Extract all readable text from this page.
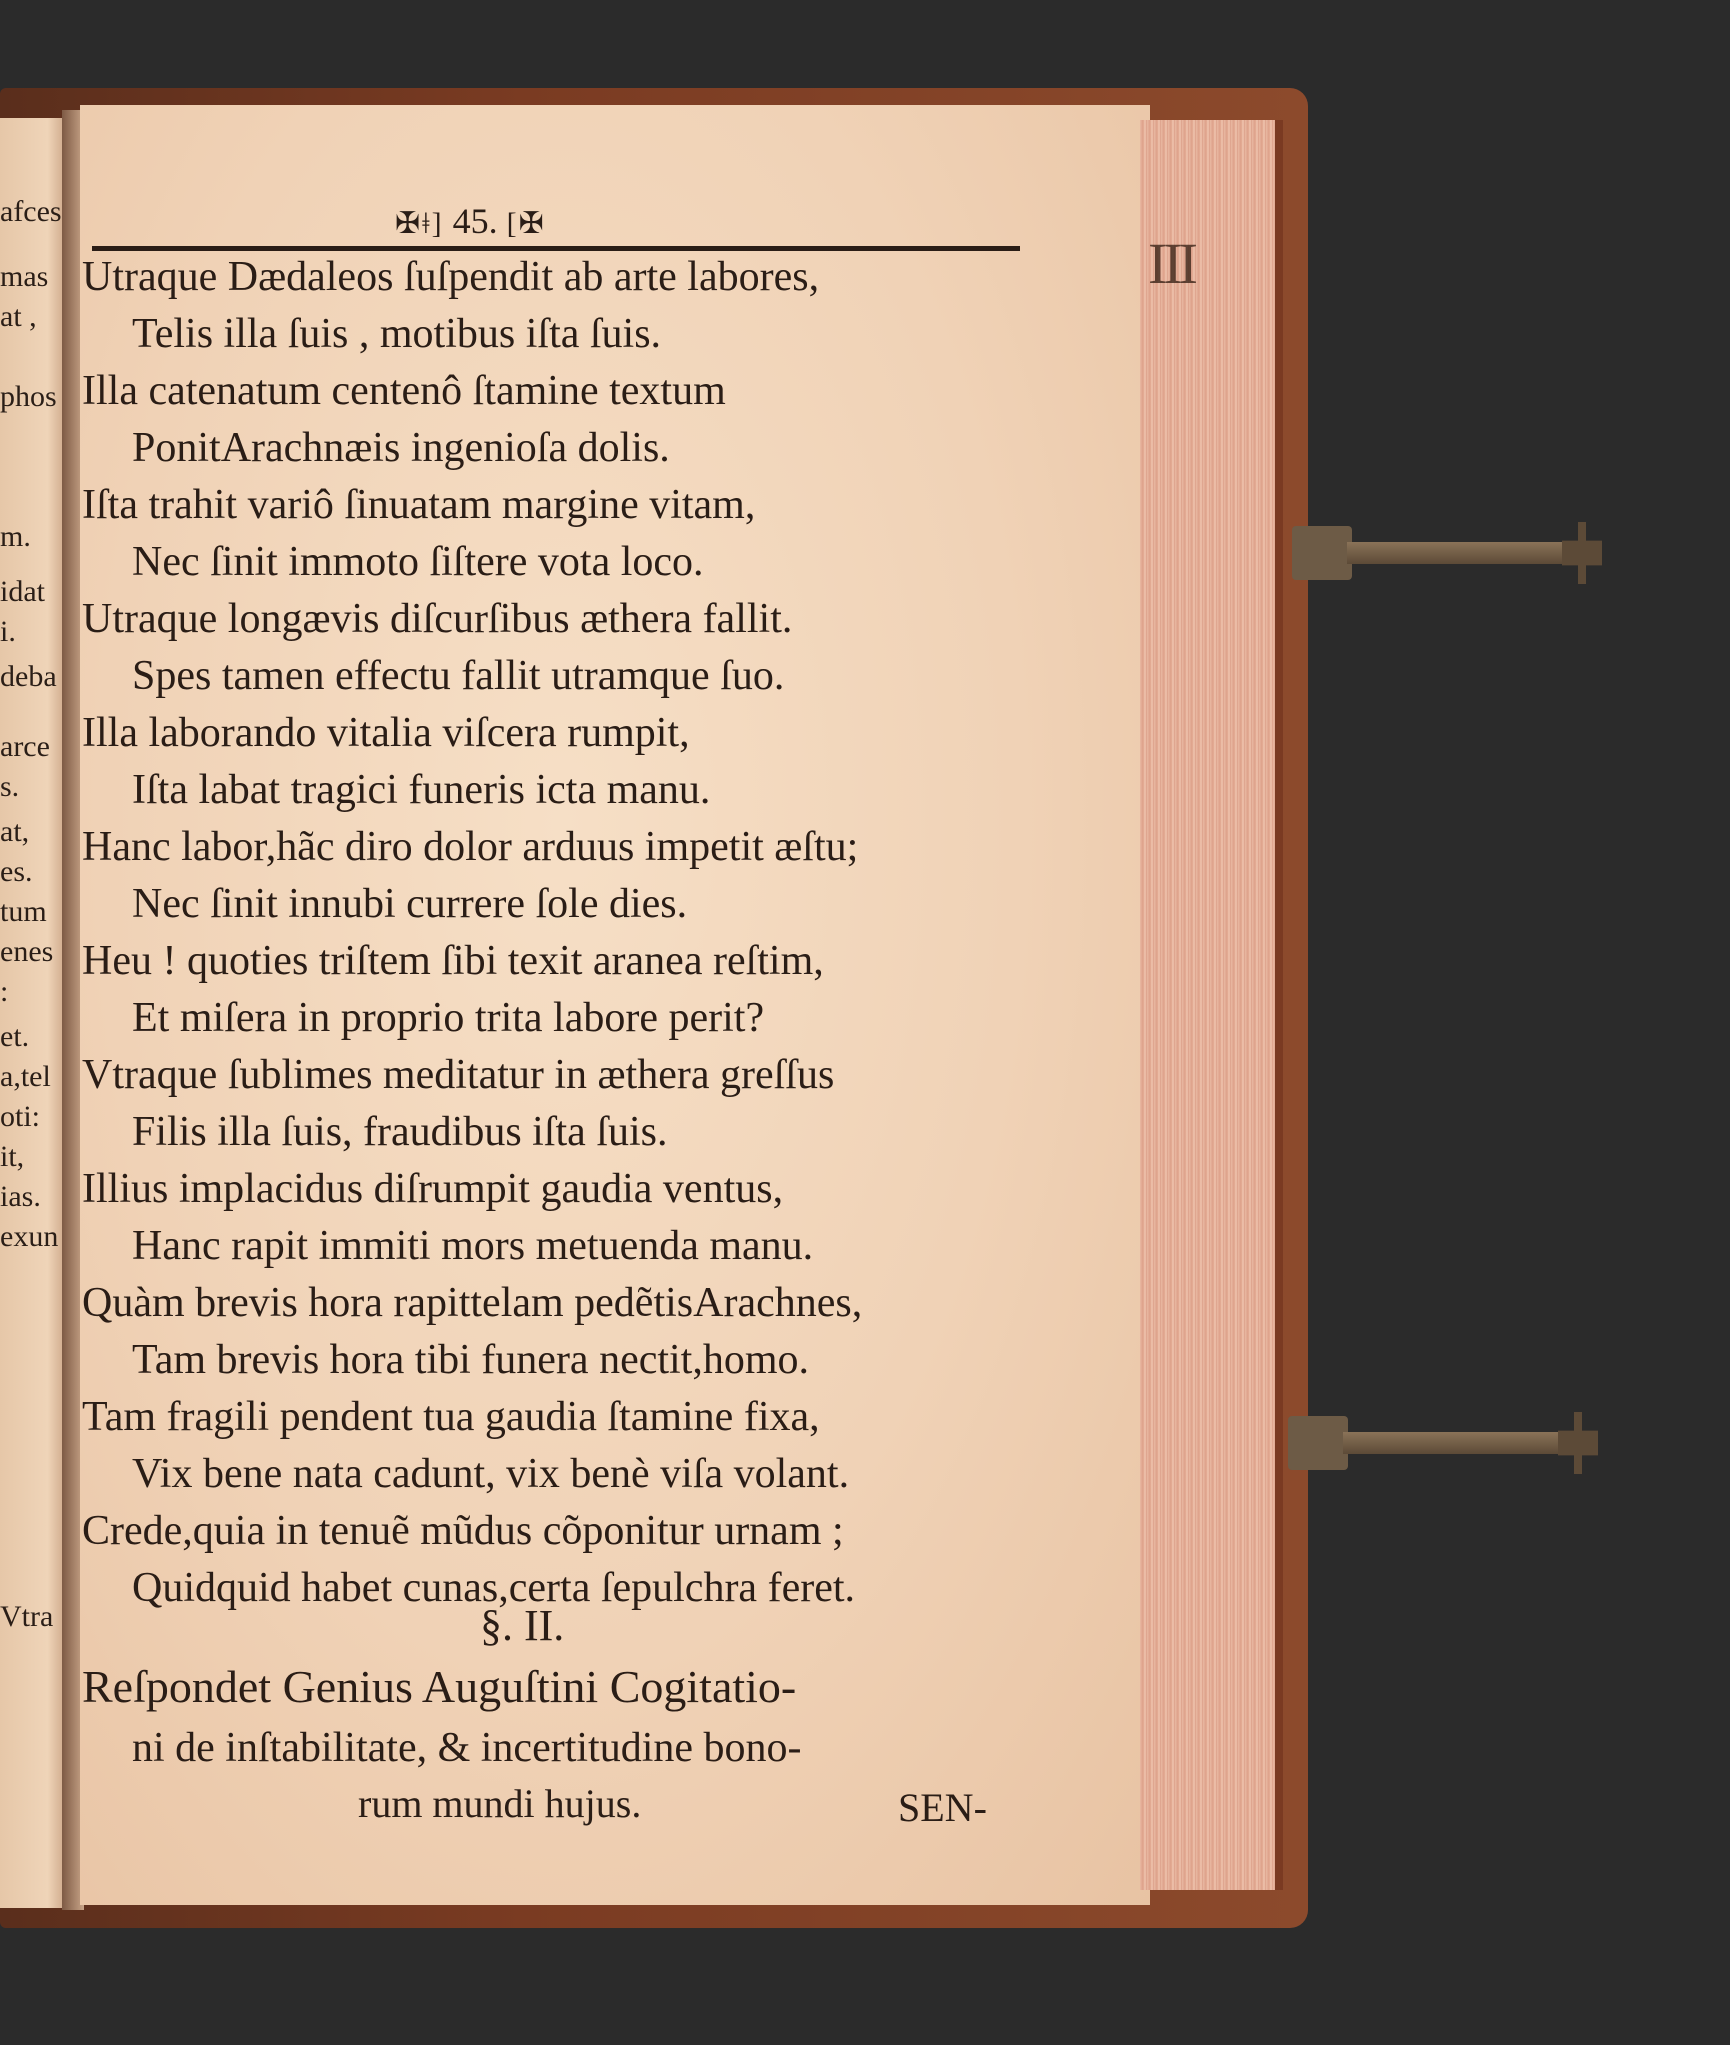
afces
mas
at ,
phos
m.
idat
i.
deba
arce
s.
at,
es.
tum
enes
:
et.
a,tel
oti:
it,
ias.
exun
Vtra
III
✠ǂ] 45. [✠
Utraque Dædaleos ſuſpendit ab arte labores,
Telis illa ſuis , motibus iſta ſuis.
Illa catenatum centenô ſtamine textum
PonitArachnæis ingenioſa dolis.
Iſta trahit variô ſinuatam margine vitam,
Nec ſinit immoto ſiſtere vota loco.
Utraque longævis diſcurſibus æthera fallit.
Spes tamen effectu fallit utramque ſuo.
Illa laborando vitalia viſcera rumpit,
Iſta labat tragici funeris icta manu.
Hanc labor,hãc diro dolor arduus impetit æſtu;
Nec ſinit innubi currere ſole dies.
Heu ! quoties triſtem ſibi texit aranea reſtim,
Et miſera in proprio trita labore perit?
Vtraque ſublimes meditatur in æthera greſſus
Filis illa ſuis, fraudibus iſta ſuis.
Illius implacidus diſrumpit gaudia ventus,
Hanc rapit immiti mors metuenda manu.
Quàm brevis hora rapittelam pedẽtisArachnes,
Tam brevis hora tibi funera nectit,homo.
Tam fragili pendent tua gaudia ſtamine fixa,
Vix bene nata cadunt, vix benè viſa volant.
Crede,quia in tenuẽ mũdus cõponitur urnam ;
Quidquid habet cunas,certa ſepulchra feret.
§. II.
Reſpondet Genius Auguſtini Cogitatio-
ni de inſtabilitate, & incertitudine bono-
rum mundi hujus.	SEN-
